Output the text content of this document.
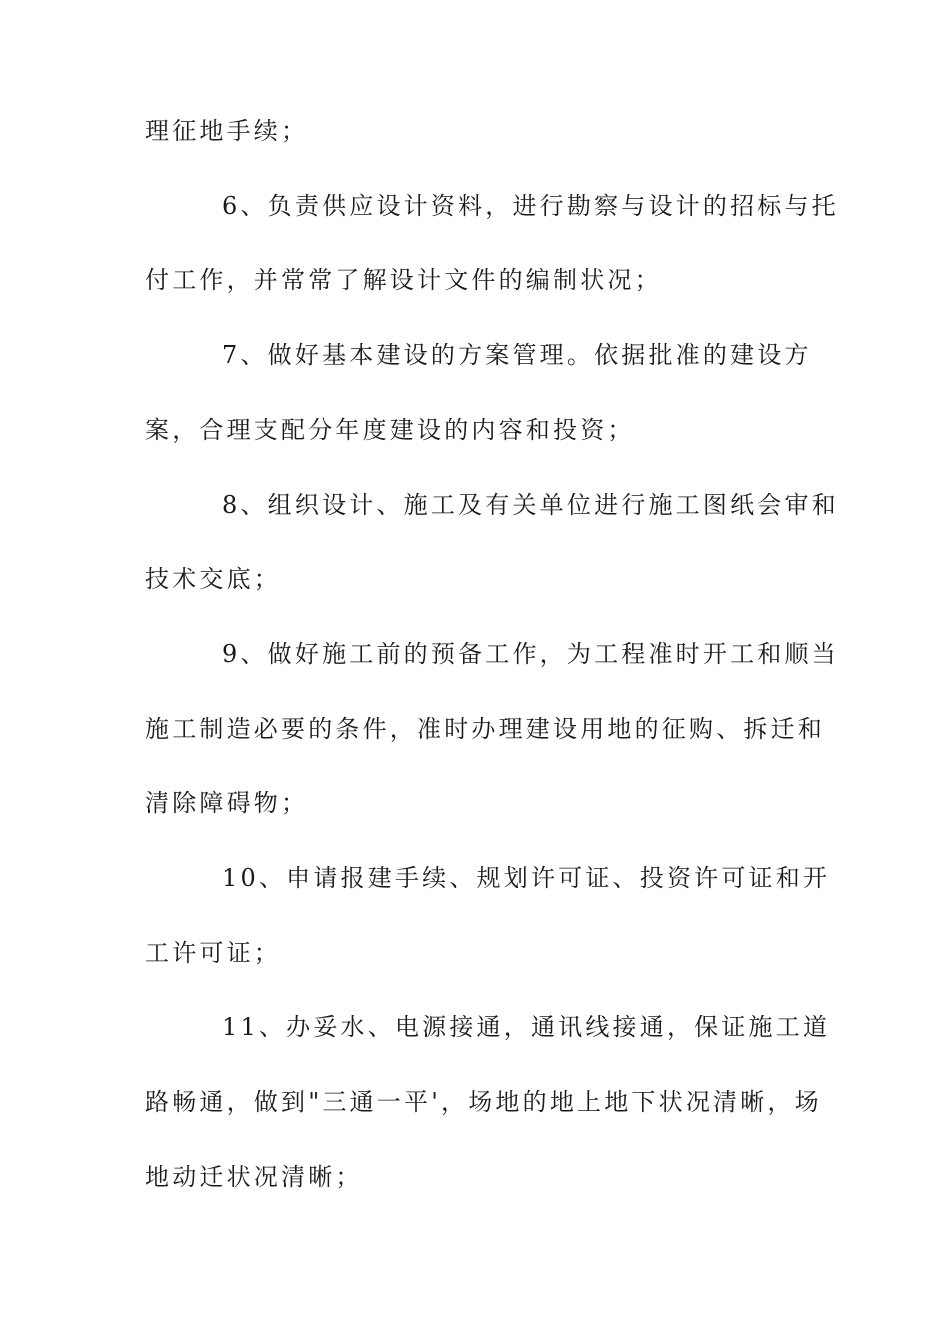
理征地手续；
6、负责供应设计资料，进行勘察与设计的招标与托
付工作，并常常了解设计文件的编制状况；
7、做好基本建设的方案管理。依据批准的建设方
案，合理支配分年度建设的内容和投资；
8、组织设计、施工及有关单位进行施工图纸会审和
技术交底；
9、做好施工前的预备工作，为工程准时开工和顺当
施工制造必要的条件，准时办理建设用地的征购、拆迁和
清除障碍物；
10、申请报建手续、规划许可证、投资许可证和开
工许可证；
11、办妥水、电源接通，通讯线接通，保证施工道
路畅通，做到"三通一平'，场地的地上地下状况清晰，场
地动迁状况清晰；
